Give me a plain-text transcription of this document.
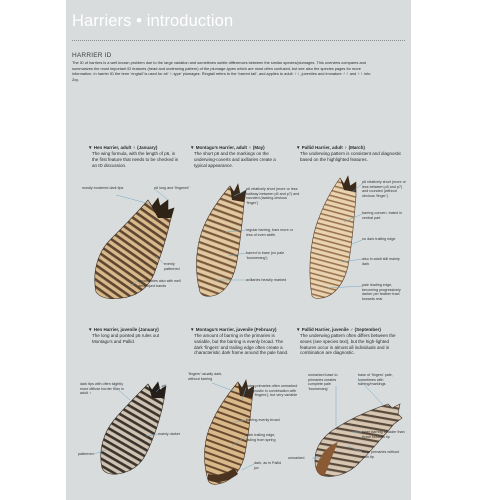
Harriers • introduction
HARRIER ID

The ID of harriers is a well known problem due to the large variation and sometimes subtle differences between the similar species/plumages. This overview compares and summarizes the most important ID features (head and underwing pattern) of the plumage-types which are most often confused, but see also the species pages for more information. In harrier ID the term ‘ringtail’ is used for all ‘♀-type’ plumages. Ringtail refers to the ‘barred tail’, and applies to adult ♀♀, juveniles and immature ♂♂ and ♀♀ into 2cy.

▼ Hen Harrier, adult ♀ (January)

The wing formula, with the length of p6, is the first feature that needs to be checked in an ID discussion.

▼ Montagu’s Harrier, adult ♀ (May)

The short p6 and the markings on the underwing-coverts and axillaries create a typical appearance.

▼ Pallid Harrier, adult ♀ (March)

The underwing pattern is consistent and diagnostic based on the highlighted features.

mostly bordered dark tips	p6 long and ‘fingered’

evenly patterned

secondaries also with well developed bands

p6 relatively short (more or less halfway between p5 and p7) and rounded (lacking obvious ‘finger’)

regular barring, bars more or less of even width

barred to base (no pale ‘boomerang’)

axillaries heavily marked

p6 relatively short (more or less between p5 and p7) and rounded (without obvious ‘finger’)

barring concen- trated in central part

no dark trailing edge

also in adult still mainly dark

pale leading edge, becoming progressively darker per feather tract towards rear

▼ Hen Harrier, juvenile (January)

The long and pointed p6 rules out Montagu’s and Pallid.

▼ Montagu’s Harrier, juvenile (February)

The amount of barring in the primaries is variable, but the barring is evenly broad. The dark ‘fingers’ and trailing edge often create a characteristic dark frame around the pale hand.

▼ Pallid Harrier, juvenile ♂ (September)

The underwing pattern often differs between the sexes (see species text), but the high-lighted features occur in almost all individuals and in combination are diagnostic.

dark tips with often slightly more diffuse border than in adult ♀

p6

mainly darker

patterned

‘fingers’ usually dark, without barring

outer primaries often unmarked (diagnostic in combination with dark ‘fingers’), but very variable

barring evenly broad

dark trailing edge, fading from spring

dark, as in Pallid juv

unmarked base to primaries creates complete pale ‘boomerang’

base of ‘fingers’ pale, sometimes with barring/markings

inner barring broader than those towards tip

inner primaries without dark tip

unmarked
